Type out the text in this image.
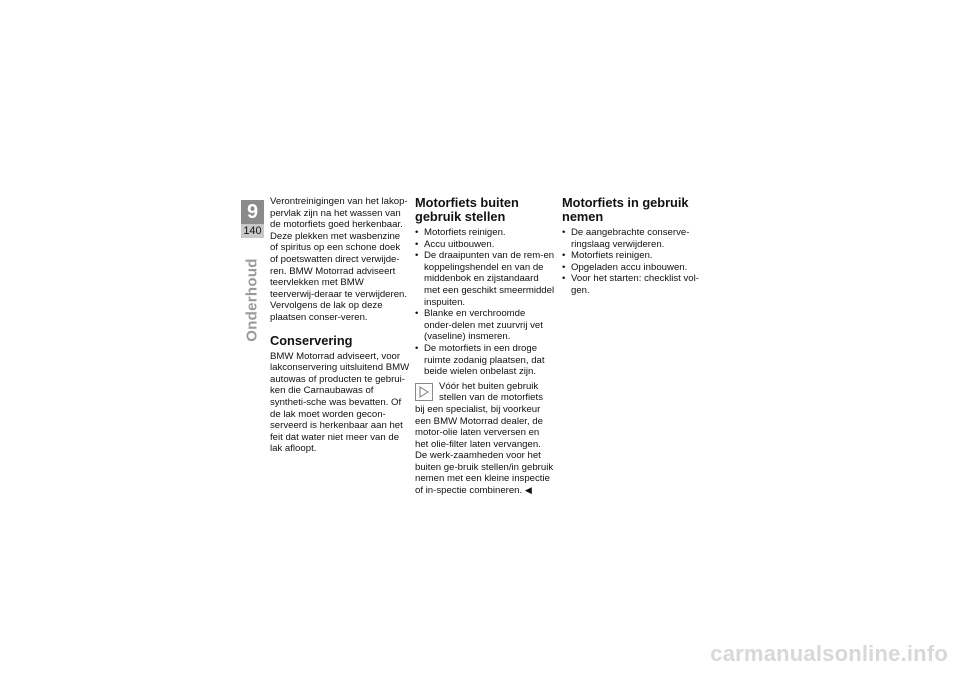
9
140
Onderhoud

Verontreinigingen van het lakop-pervlak zijn na het wassen van de motorfiets goed herkenbaar. Deze plekken met wasbenzine of spiritus op een schone doek of poetswatten direct verwijde-ren. BMW Motorrad adviseert teervlekken met BMW teerverwij-deraar te verwijderen. Vervolgens de lak op deze plaatsen conser-veren.

Conservering

BMW Motorrad adviseert, voor lakconservering uitsluitend BMW autowas of producten te gebrui-ken die Carnaubawas of syntheti-sche was bevatten. Of de lak moet worden gecon-serveerd is herkenbaar aan het feit dat water niet meer van de lak afloopt.

Motorfiets buiten gebruik stellen
• Motorfiets reinigen.
• Accu uitbouwen.
• De draaipunten van de rem-en koppelingshendel en van de middenbok en zijstandaard met een geschikt smeermiddel inspuiten.
• Blanke en verchroomde onder-delen met zuurvrij vet (vaseline) insmeren.
• De motorfiets in een droge ruimte zodanig plaatsen, dat beide wielen onbelast zijn.
Vóór het buiten gebruik stellen van de motorfiets bij een specialist, bij voorkeur een BMW Motorrad dealer, de motor-olie laten verversen en het olie-filter laten vervangen. De werk-zaamheden voor het buiten ge-bruik stellen/in gebruik nemen met een kleine inspectie of in-spectie combineren. ◀
Motorfiets in gebruik nemen
• De aangebrachte conserve-ringslaag verwijderen.
• Motorfiets reinigen.
• Opgeladen accu inbouwen.
• Voor het starten: checklist vol-gen.
carmanualsonline.info
